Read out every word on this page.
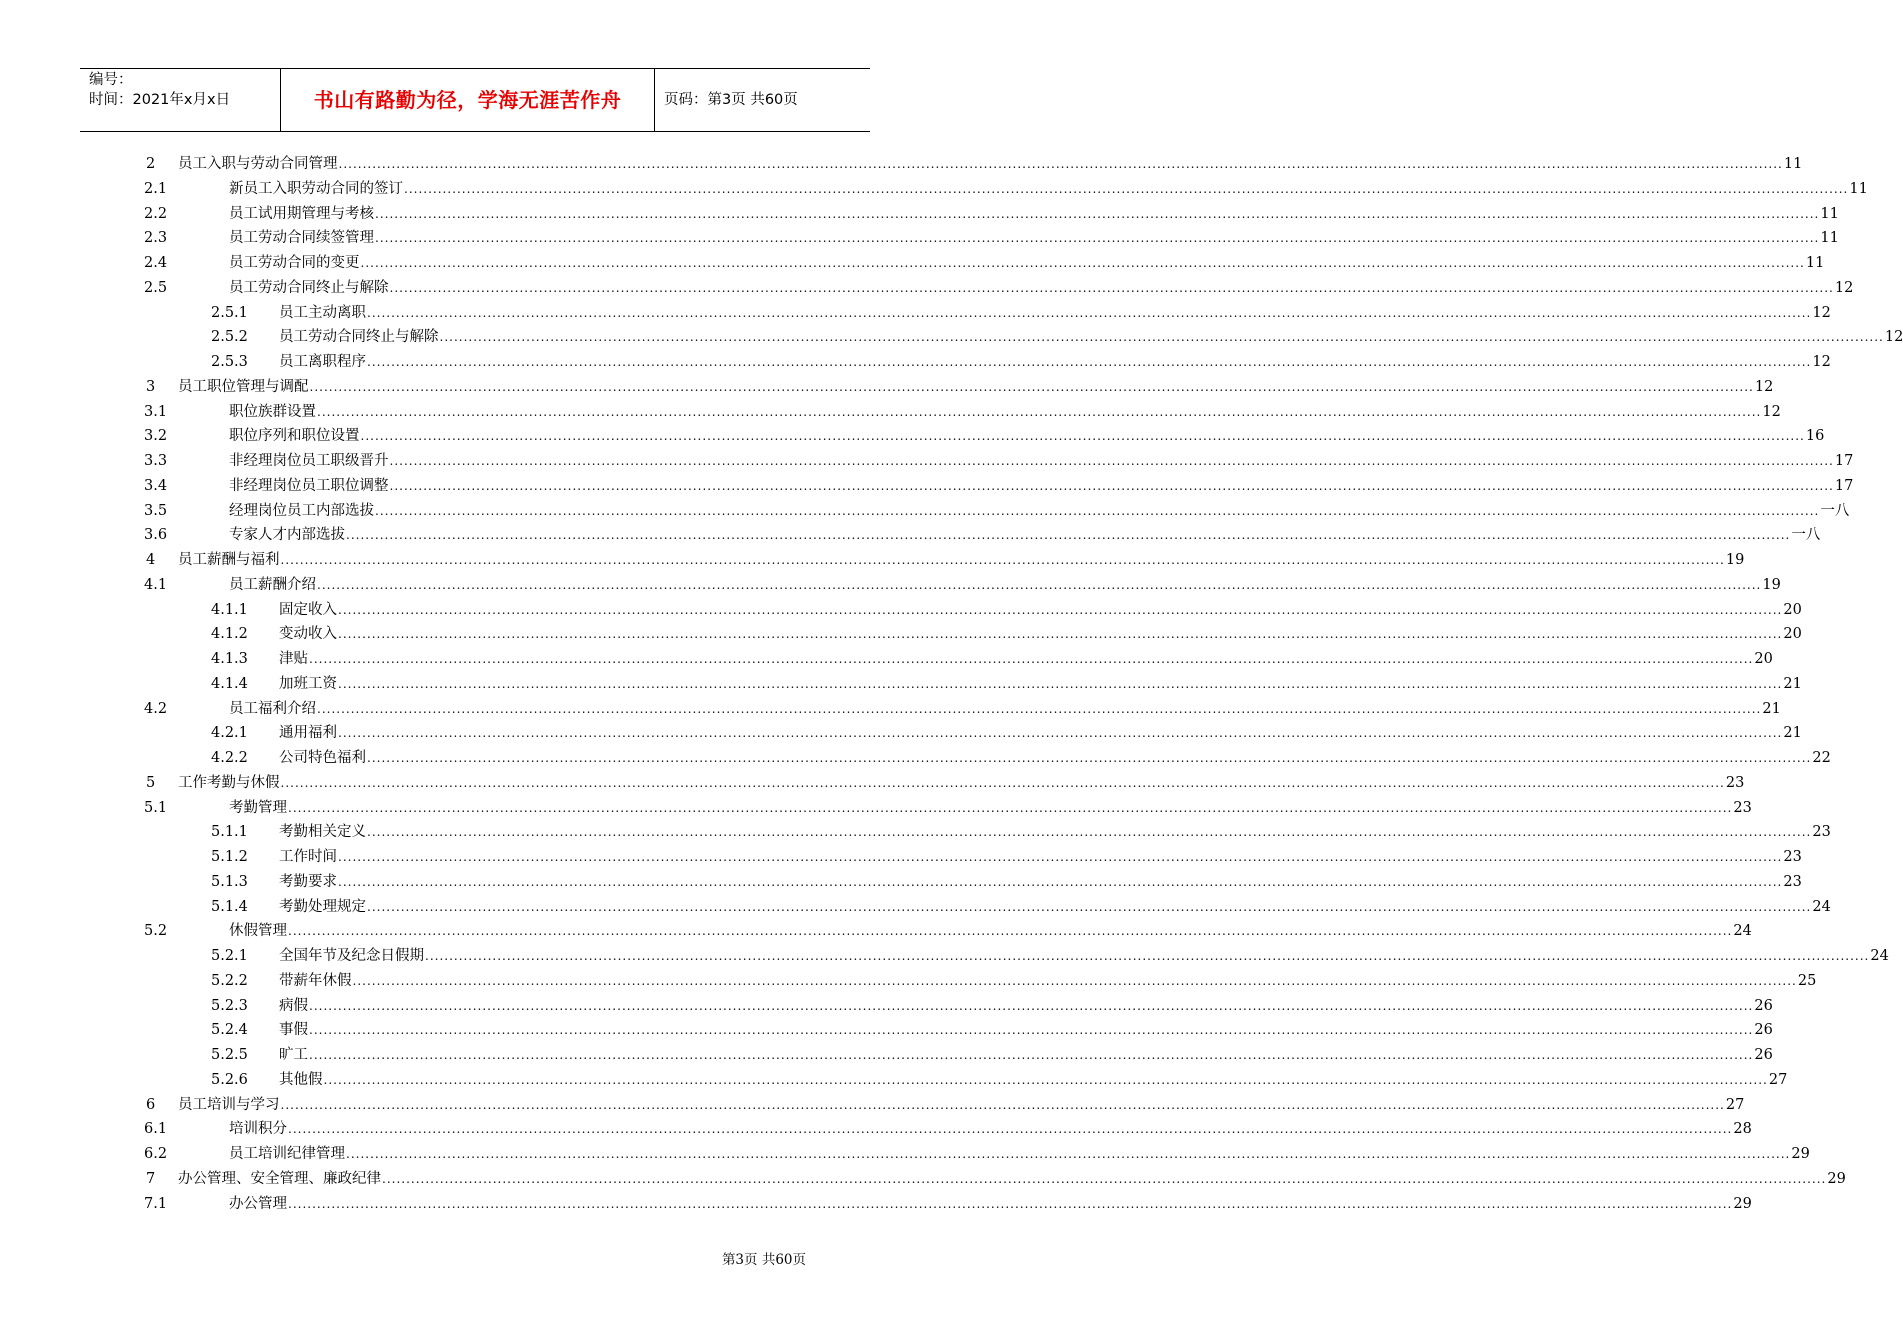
编号：
时间：2021年x月x日	书山有路勤为径，学海无涯苦作舟	页码：第3页 共60页
2 员工入职与劳动合同管理 ............................................................................................................................................................................................................................................................................................................ 11
2.1	新员工入职劳动合同的签订 ............................................................................................................................................................................................................................................................................................................ 11
2.2	员工试用期管理与考核 ............................................................................................................................................................................................................................................................................................................ 11
2.3	员工劳动合同续签管理 ............................................................................................................................................................................................................................................................................................................ 11
2.4	员工劳动合同的变更 ............................................................................................................................................................................................................................................................................................................ 11
2.5	员工劳动合同终止与解除 ............................................................................................................................................................................................................................................................................................................ 12
2.5.1 员工主动离职 ............................................................................................................................................................................................................................................................................................................ 12
2.5.2 员工劳动合同终止与解除 ............................................................................................................................................................................................................................................................................................................ 12
2.5.3 员工离职程序 ............................................................................................................................................................................................................................................................................................................ 12
3 员工职位管理与调配 ............................................................................................................................................................................................................................................................................................................ 12
3.1	职位族群设置 ............................................................................................................................................................................................................................................................................................................ 12
3.2	职位序列和职位设置 ............................................................................................................................................................................................................................................................................................................ 16
3.3	非经理岗位员工职级晋升 ............................................................................................................................................................................................................................................................................................................ 17
3.4	非经理岗位员工职位调整 ............................................................................................................................................................................................................................................................................................................ 17
3.5	经理岗位员工内部选拔 ............................................................................................................................................................................................................................................................................................................ 一八
3.6	专家人才内部选拔 ............................................................................................................................................................................................................................................................................................................ 一八
4 员工薪酬与福利 ............................................................................................................................................................................................................................................................................................................ 19
4.1	员工薪酬介绍 ............................................................................................................................................................................................................................................................................................................ 19
4.1.1 固定收入 ............................................................................................................................................................................................................................................................................................................ 20
4.1.2 变动收入 ............................................................................................................................................................................................................................................................................................................ 20
4.1.3 津贴 ............................................................................................................................................................................................................................................................................................................ 20
4.1.4 加班工资 ............................................................................................................................................................................................................................................................................................................ 21
4.2	员工福利介绍 ............................................................................................................................................................................................................................................................................................................ 21
4.2.1 通用福利 ............................................................................................................................................................................................................................................................................................................ 21
4.2.2 公司特色福利 ............................................................................................................................................................................................................................................................................................................ 22
5 工作考勤与休假 ............................................................................................................................................................................................................................................................................................................ 23
5.1	考勤管理 ............................................................................................................................................................................................................................................................................................................ 23
5.1.1 考勤相关定义 ............................................................................................................................................................................................................................................................................................................ 23
5.1.2 工作时间 ............................................................................................................................................................................................................................................................................................................ 23
5.1.3 考勤要求 ............................................................................................................................................................................................................................................................................................................ 23
5.1.4 考勤处理规定 ............................................................................................................................................................................................................................................................................................................ 24
5.2	休假管理 ............................................................................................................................................................................................................................................................................................................ 24
5.2.1 全国年节及纪念日假期 ............................................................................................................................................................................................................................................................................................................ 24
5.2.2 带薪年休假 ............................................................................................................................................................................................................................................................................................................ 25
5.2.3 病假 ............................................................................................................................................................................................................................................................................................................ 26
5.2.4 事假 ............................................................................................................................................................................................................................................................................................................ 26
5.2.5 旷工 ............................................................................................................................................................................................................................................................................................................ 26
5.2.6 其他假 ............................................................................................................................................................................................................................................................................................................ 27
6 员工培训与学习 ............................................................................................................................................................................................................................................................................................................ 27
6.1	培训积分 ............................................................................................................................................................................................................................................................................................................ 28
6.2	员工培训纪律管理 ............................................................................................................................................................................................................................................................................................................ 29
7 办公管理、安全管理、廉政纪律 ............................................................................................................................................................................................................................................................................................................ 29
7.1	办公管理 ............................................................................................................................................................................................................................................................................................................ 29
第3页 共60页
